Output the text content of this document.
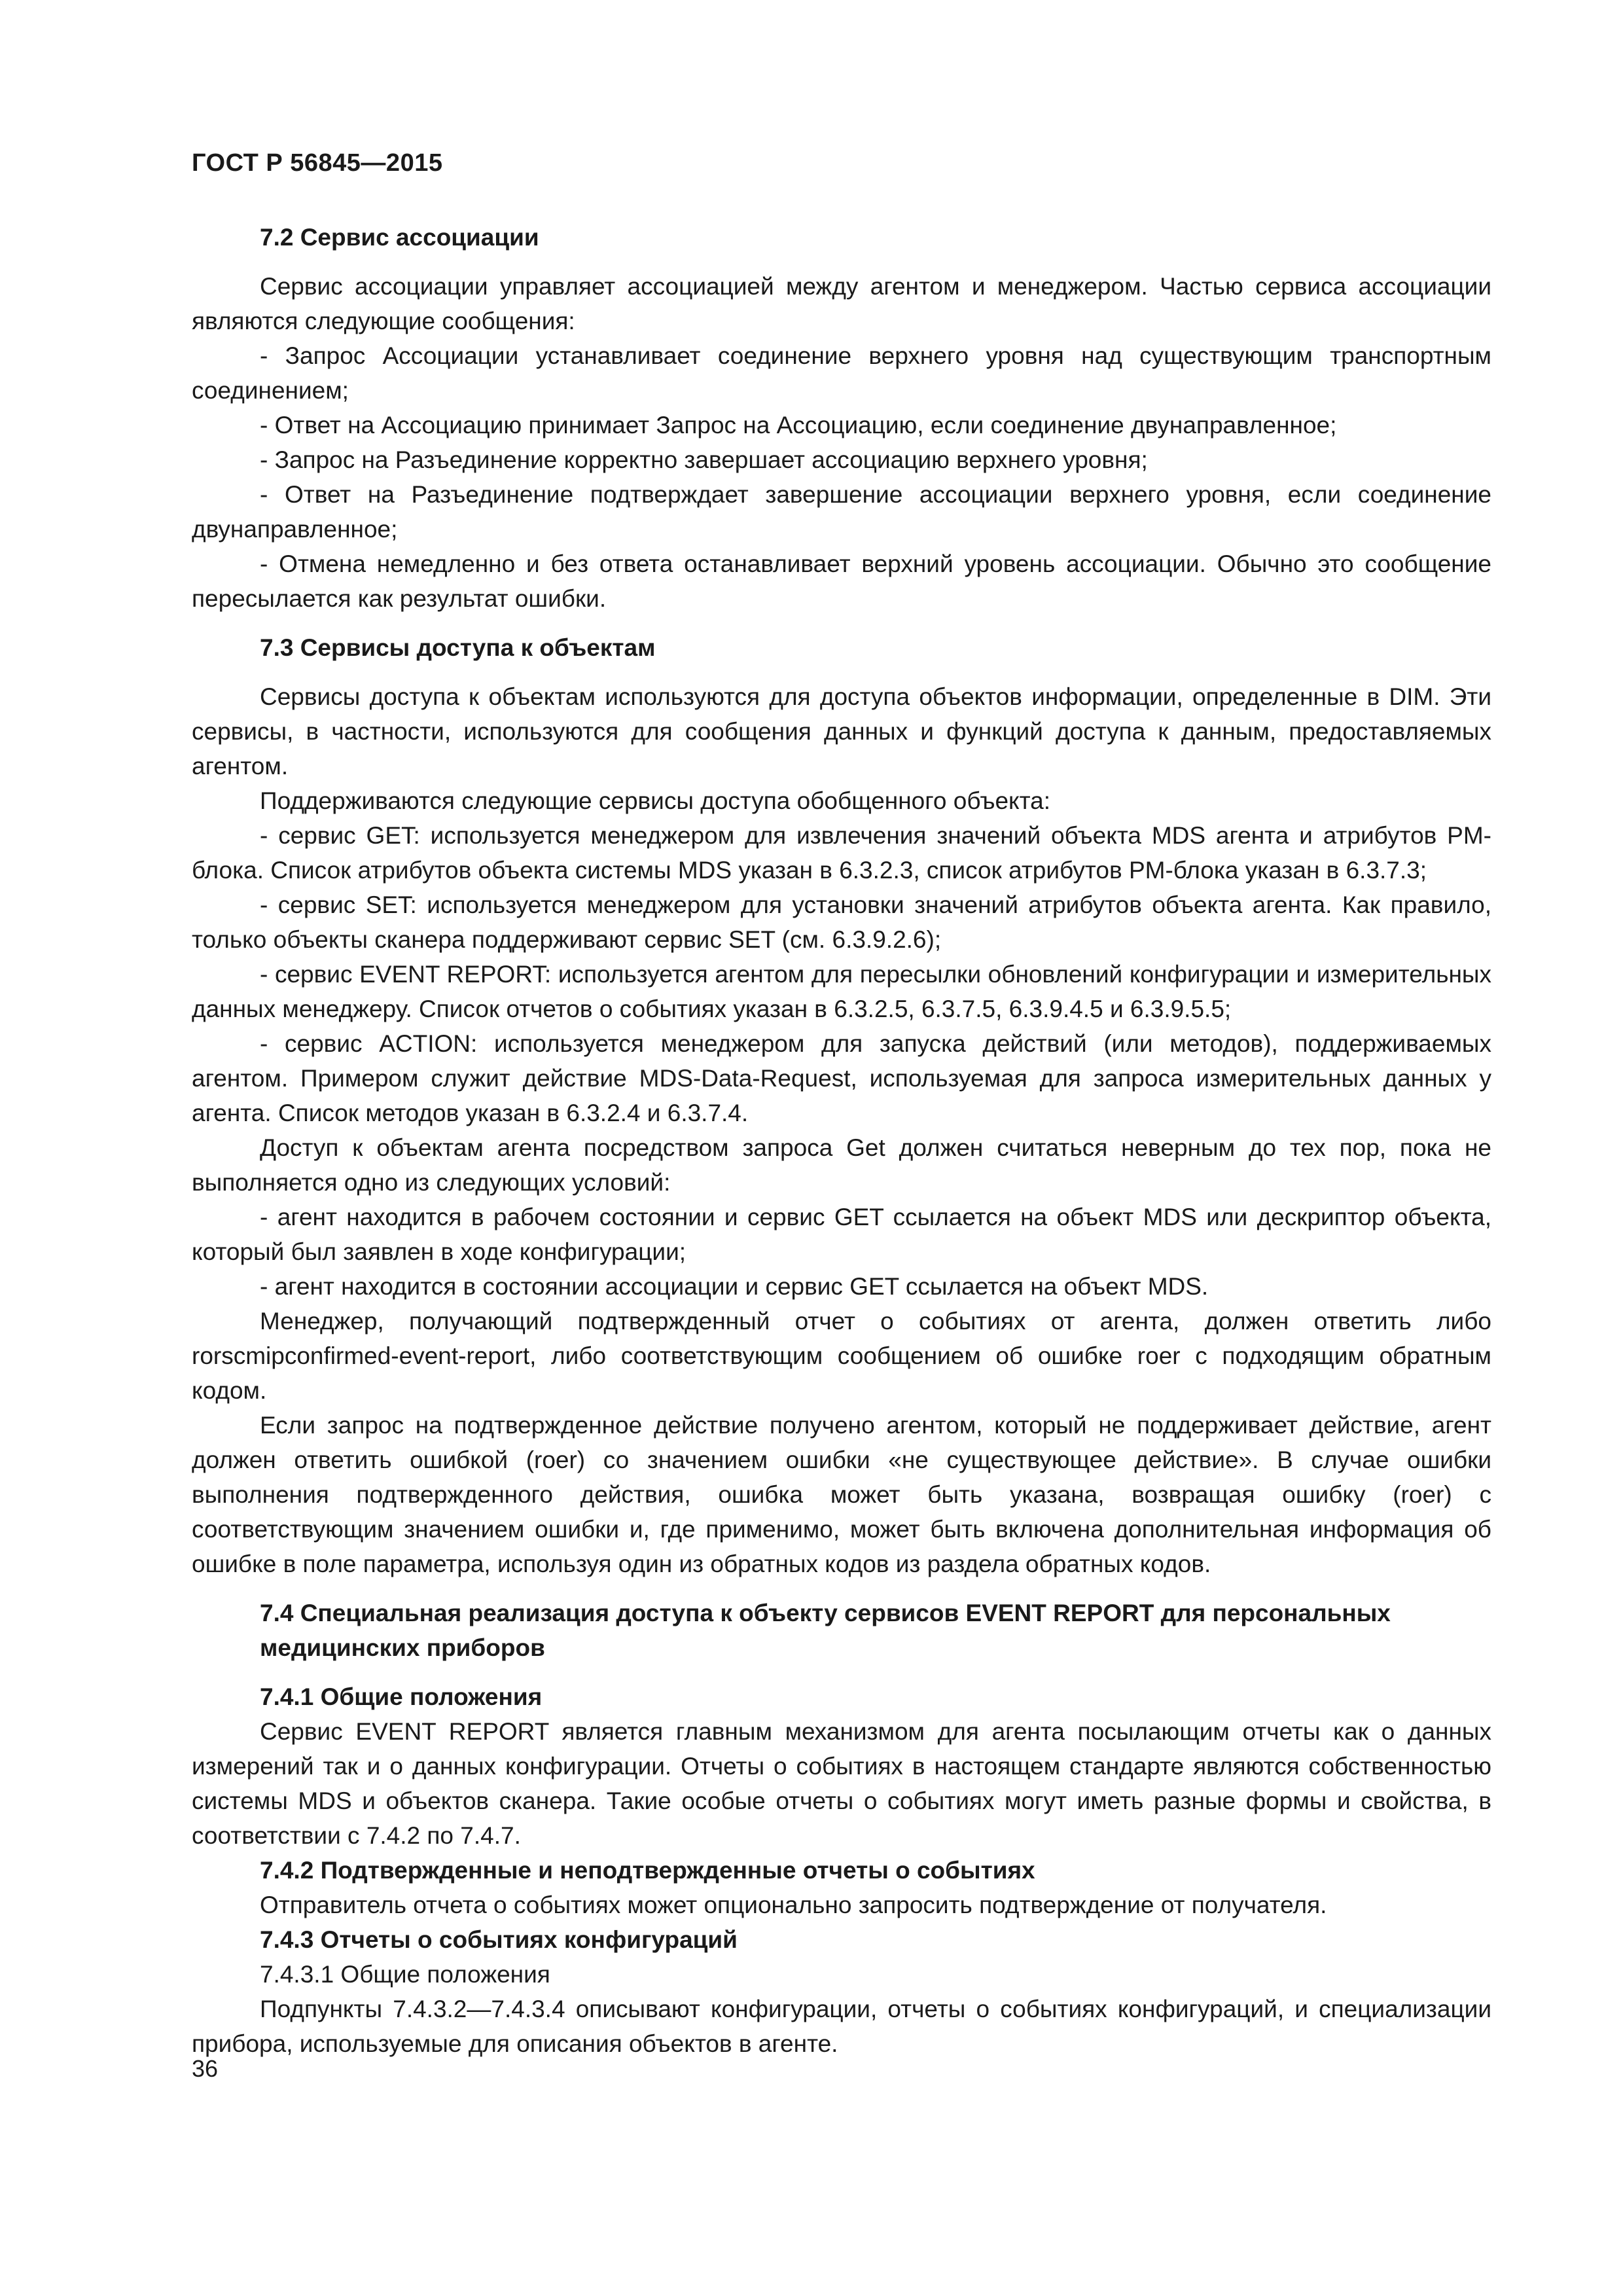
ГОСТ Р 56845—2015
7.2 Сервис ассоциации

Сервис ассоциации управляет ассоциацией между агентом и менеджером. Частью сервиса ассоциации являются следующие сообщения:

- Запрос Ассоциации устанавливает соединение верхнего уровня над существующим транспортным соединением;

- Ответ на Ассоциацию принимает Запрос на Ассоциацию, если соединение двунаправленное;

- Запрос на Разъединение корректно завершает ассоциацию верхнего уровня;

- Ответ на Разъединение подтверждает завершение ассоциации верхнего уровня, если соединение двунаправленное;

- Отмена немедленно и без ответа останавливает верхний уровень ассоциации. Обычно это сообщение пересылается как результат ошибки.

7.3 Сервисы доступа к объектам

Сервисы доступа к объектам используются для доступа объектов информации, определенные в DIM. Эти сервисы, в частности, используются для сообщения данных и функций доступа к данным, предоставляемых агентом.

Поддерживаются следующие сервисы доступа обобщенного объекта:

- сервис GET: используется менеджером для извлечения значений объекта MDS агента и атрибутов PM-блока. Список атрибутов объекта системы MDS указан в 6.3.2.3, список атрибутов PM-блока указан в 6.3.7.3;

- сервис SET: используется менеджером для установки значений атрибутов объекта агента. Как правило, только объекты сканера поддерживают сервис SET (см. 6.3.9.2.6);

- сервис EVENT REPORT: используется агентом для пересылки обновлений конфигурации и измерительных данных менеджеру. Список отчетов о событиях указан в 6.3.2.5, 6.3.7.5, 6.3.9.4.5 и 6.3.9.5.5;

- сервис ACTION: используется менеджером для запуска действий (или методов), поддерживаемых агентом. Примером служит действие MDS-Data-Request, используемая для запроса измерительных данных у агента. Список методов указан в 6.3.2.4 и 6.3.7.4.

Доступ к объектам агента посредством запроса Get должен считаться неверным до тех пор, пока не выполняется одно из следующих условий:

- агент находится в рабочем состоянии и сервис GET ссылается на объект MDS или дескриптор объекта, который был заявлен в ходе конфигурации;

- агент находится в состоянии ассоциации и сервис GET ссылается на объект MDS.

Менеджер, получающий подтвержденный отчет о событиях от агента, должен ответить либо rorscmipconfirmed-event-report, либо соответствующим сообщением об ошибке roer с подходящим обратным кодом.

Если запрос на подтвержденное действие получено агентом, который не поддерживает действие, агент должен ответить ошибкой (roer) со значением ошибки «не существующее действие». В случае ошибки выполнения подтвержденного действия, ошибка может быть указана, возвращая ошибку (roer) с соответствующим значением ошибки и, где применимо, может быть включена дополнительная информация об ошибке в поле параметра, используя один из обратных кодов из раздела обратных кодов.

7.4 Специальная реализация доступа к объекту сервисов EVENT REPORT для персональных медицинских приборов
7.4.1 Общие положения

Сервис EVENT REPORT является главным механизмом для агента посылающим отчеты как о данных измерений так и о данных конфигурации. Отчеты о событиях в настоящем стандарте являются собственностью системы MDS и объектов сканера. Такие особые отчеты о событиях могут иметь разные формы и свойства, в соответствии с 7.4.2 по 7.4.7.

7.4.2 Подтвержденные и неподтвержденные отчеты о событиях

Отправитель отчета о событиях может опционально запросить подтверждение от получателя.

7.4.3 Отчеты о событиях конфигураций

7.4.3.1 Общие положения

Подпункты 7.4.3.2—7.4.3.4 описывают конфигурации, отчеты о событиях конфигураций, и специализации прибора, используемые для описания объектов в агенте.

36
